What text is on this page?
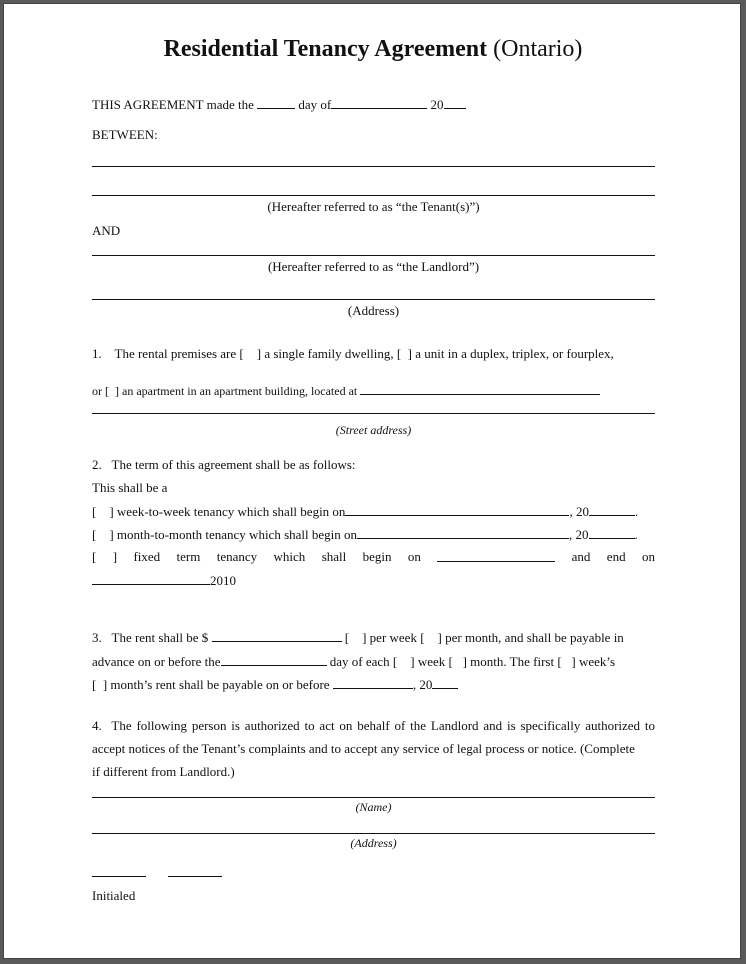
Residential Tenancy Agreement (Ontario)
THIS AGREEMENT made the	day of	20
BETWEEN:
(Hereafter referred to as “the Tenant(s)”)
AND
(Hereafter referred to as “the Landlord”)
(Address)
1. The rental premises are [ ] a single family dwelling, [ ] a unit in a duplex, triplex, or fourplex,
or [ ] an apartment in an apartment building, located at
(Street address)
2. The term of this agreement shall be as follows:
This shall be a
[ ] week-to-week tenancy which shall begin on	, 20	.
[ ] month-to-month tenancy which shall begin on	, 20	.
[ ] fixed term tenancy which shall begin on	and end on
2010
3. The rent shall be $	[ ] per week [ ] per month, and shall be payable in
advance on or before the	day of each [ ] week [ ] month. The first [ ] week’s
[ ] month’s rent shall be payable on or before	, 20
4. The following person is authorized to act on behalf of the Landlord and is specifically authorized to
accept notices of the Tenant’s complaints and to accept any service of legal process or notice. (Complete
if different from Landlord.)
(Name)
(Address)
Initialed
